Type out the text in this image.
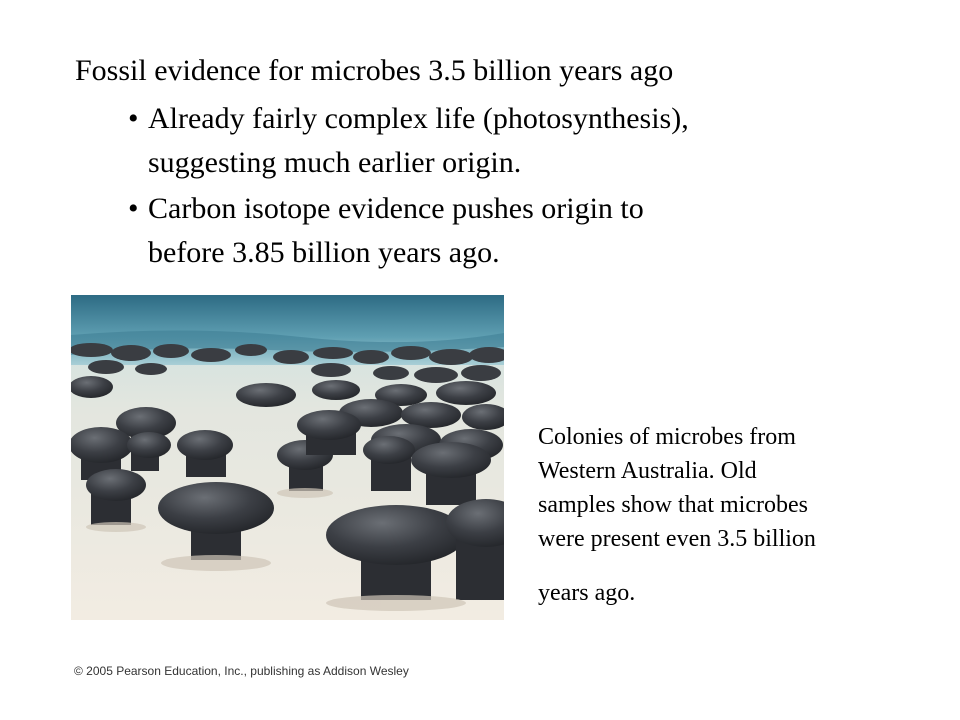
Fossil evidence for microbes 3.5 billion years ago
• Already fairly complex life (photosynthesis),
suggesting much earlier origin.
• Carbon isotope evidence pushes origin to
before 3.85 billion years ago.
Colonies of microbes from
Western Australia. Old
samples show that microbes
were present even 3.5 billion
years ago.
© 2005 Pearson Education, Inc., publishing as Addison Wesley
